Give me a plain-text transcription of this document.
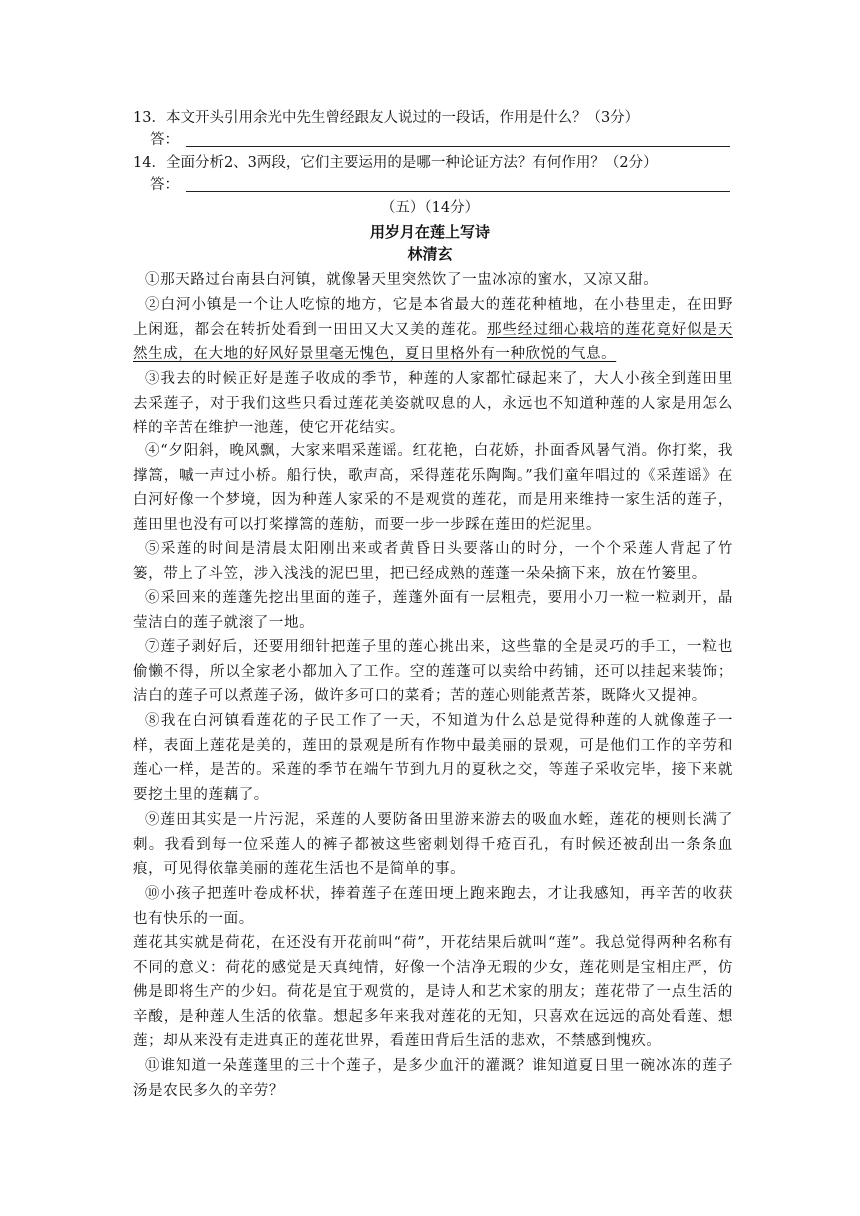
13．本文开头引用余光中先生曾经跟友人说过的一段话，作用是什么？（3分）
答：
14．全面分析2、3两段，它们主要运用的是哪一种论证方法？有何作用？（2分）
答：
（五）（14分）
用岁月在莲上写诗
林清玄
①那天路过台南县白河镇，就像暑天里突然饮了一盅冰凉的蜜水，又凉又甜。
②白河小镇是一个让人吃惊的地方，它是本省最大的莲花种植地，在小巷里走，在田野上闲逛，都会在转折处看到一田田又大又美的莲花。那些经过细心栽培的莲花竟好似是天然生成，在大地的好风好景里毫无愧色，夏日里格外有一种欣悦的气息。
③我去的时候正好是莲子收成的季节，种莲的人家都忙碌起来了，大人小孩全到莲田里去采莲子，对于我们这些只看过莲花美姿就叹息的人，永远也不知道种莲的人家是用怎么样的辛苦在维护一池莲，使它开花结实。
④“夕阳斜，晚风飘，大家来唱采莲谣。红花艳，白花娇，扑面香风暑气消。你打桨，我撑篙，嘁一声过小桥。船行快，歌声高，采得莲花乐陶陶。”我们童年唱过的《采莲谣》在白河好像一个梦境，因为种莲人家采的不是观赏的莲花，而是用来维持一家生活的莲子，莲田里也没有可以打桨撑篙的莲舫，而要一步一步踩在莲田的烂泥里。
⑤采莲的时间是清晨太阳刚出来或者黄昏日头要落山的时分，一个个采莲人背起了竹篓，带上了斗笠，涉入浅浅的泥巴里，把已经成熟的莲蓬一朵朵摘下来，放在竹篓里。
⑥采回来的莲蓬先挖出里面的莲子，莲蓬外面有一层粗壳，要用小刀一粒一粒剥开，晶莹洁白的莲子就滚了一地。
⑦莲子剥好后，还要用细针把莲子里的莲心挑出来，这些靠的全是灵巧的手工，一粒也偷懒不得，所以全家老小都加入了工作。空的莲蓬可以卖给中药铺，还可以挂起来装饰；洁白的莲子可以煮莲子汤，做许多可口的菜肴；苦的莲心则能煮苦茶，既降火又提神。
⑧我在白河镇看莲花的子民工作了一天，不知道为什么总是觉得种莲的人就像莲子一样，表面上莲花是美的，莲田的景观是所有作物中最美丽的景观，可是他们工作的辛劳和莲心一样，是苦的。采莲的季节在端午节到九月的夏秋之交，等莲子采收完毕，接下来就要挖土里的莲藕了。
⑨莲田其实是一片污泥，采莲的人要防备田里游来游去的吸血水蛭，莲花的梗则长满了刺。我看到每一位采莲人的裤子都被这些密刺划得千疮百孔，有时候还被刮出一条条血痕，可见得依靠美丽的莲花生活也不是简单的事。
⑩小孩子把莲叶卷成杯状，捧着莲子在莲田埂上跑来跑去，才让我感知，再辛苦的收获也有快乐的一面。
莲花其实就是荷花，在还没有开花前叫“荷”，开花结果后就叫“莲”。我总觉得两种名称有不同的意义：荷花的感觉是天真纯情，好像一个洁净无瑕的少女，莲花则是宝相庄严，仿佛是即将生产的少妇。荷花是宜于观赏的，是诗人和艺术家的朋友；莲花带了一点生活的辛酸，是种莲人生活的依靠。想起多年来我对莲花的无知，只喜欢在远远的高处看莲、想莲；却从来没有走进真正的莲花世界，看莲田背后生活的悲欢，不禁感到愧疚。
⑪谁知道一朵莲蓬里的三十个莲子，是多少血汗的灌溉？谁知道夏日里一碗冰冻的莲子汤是农民多久的辛劳？
